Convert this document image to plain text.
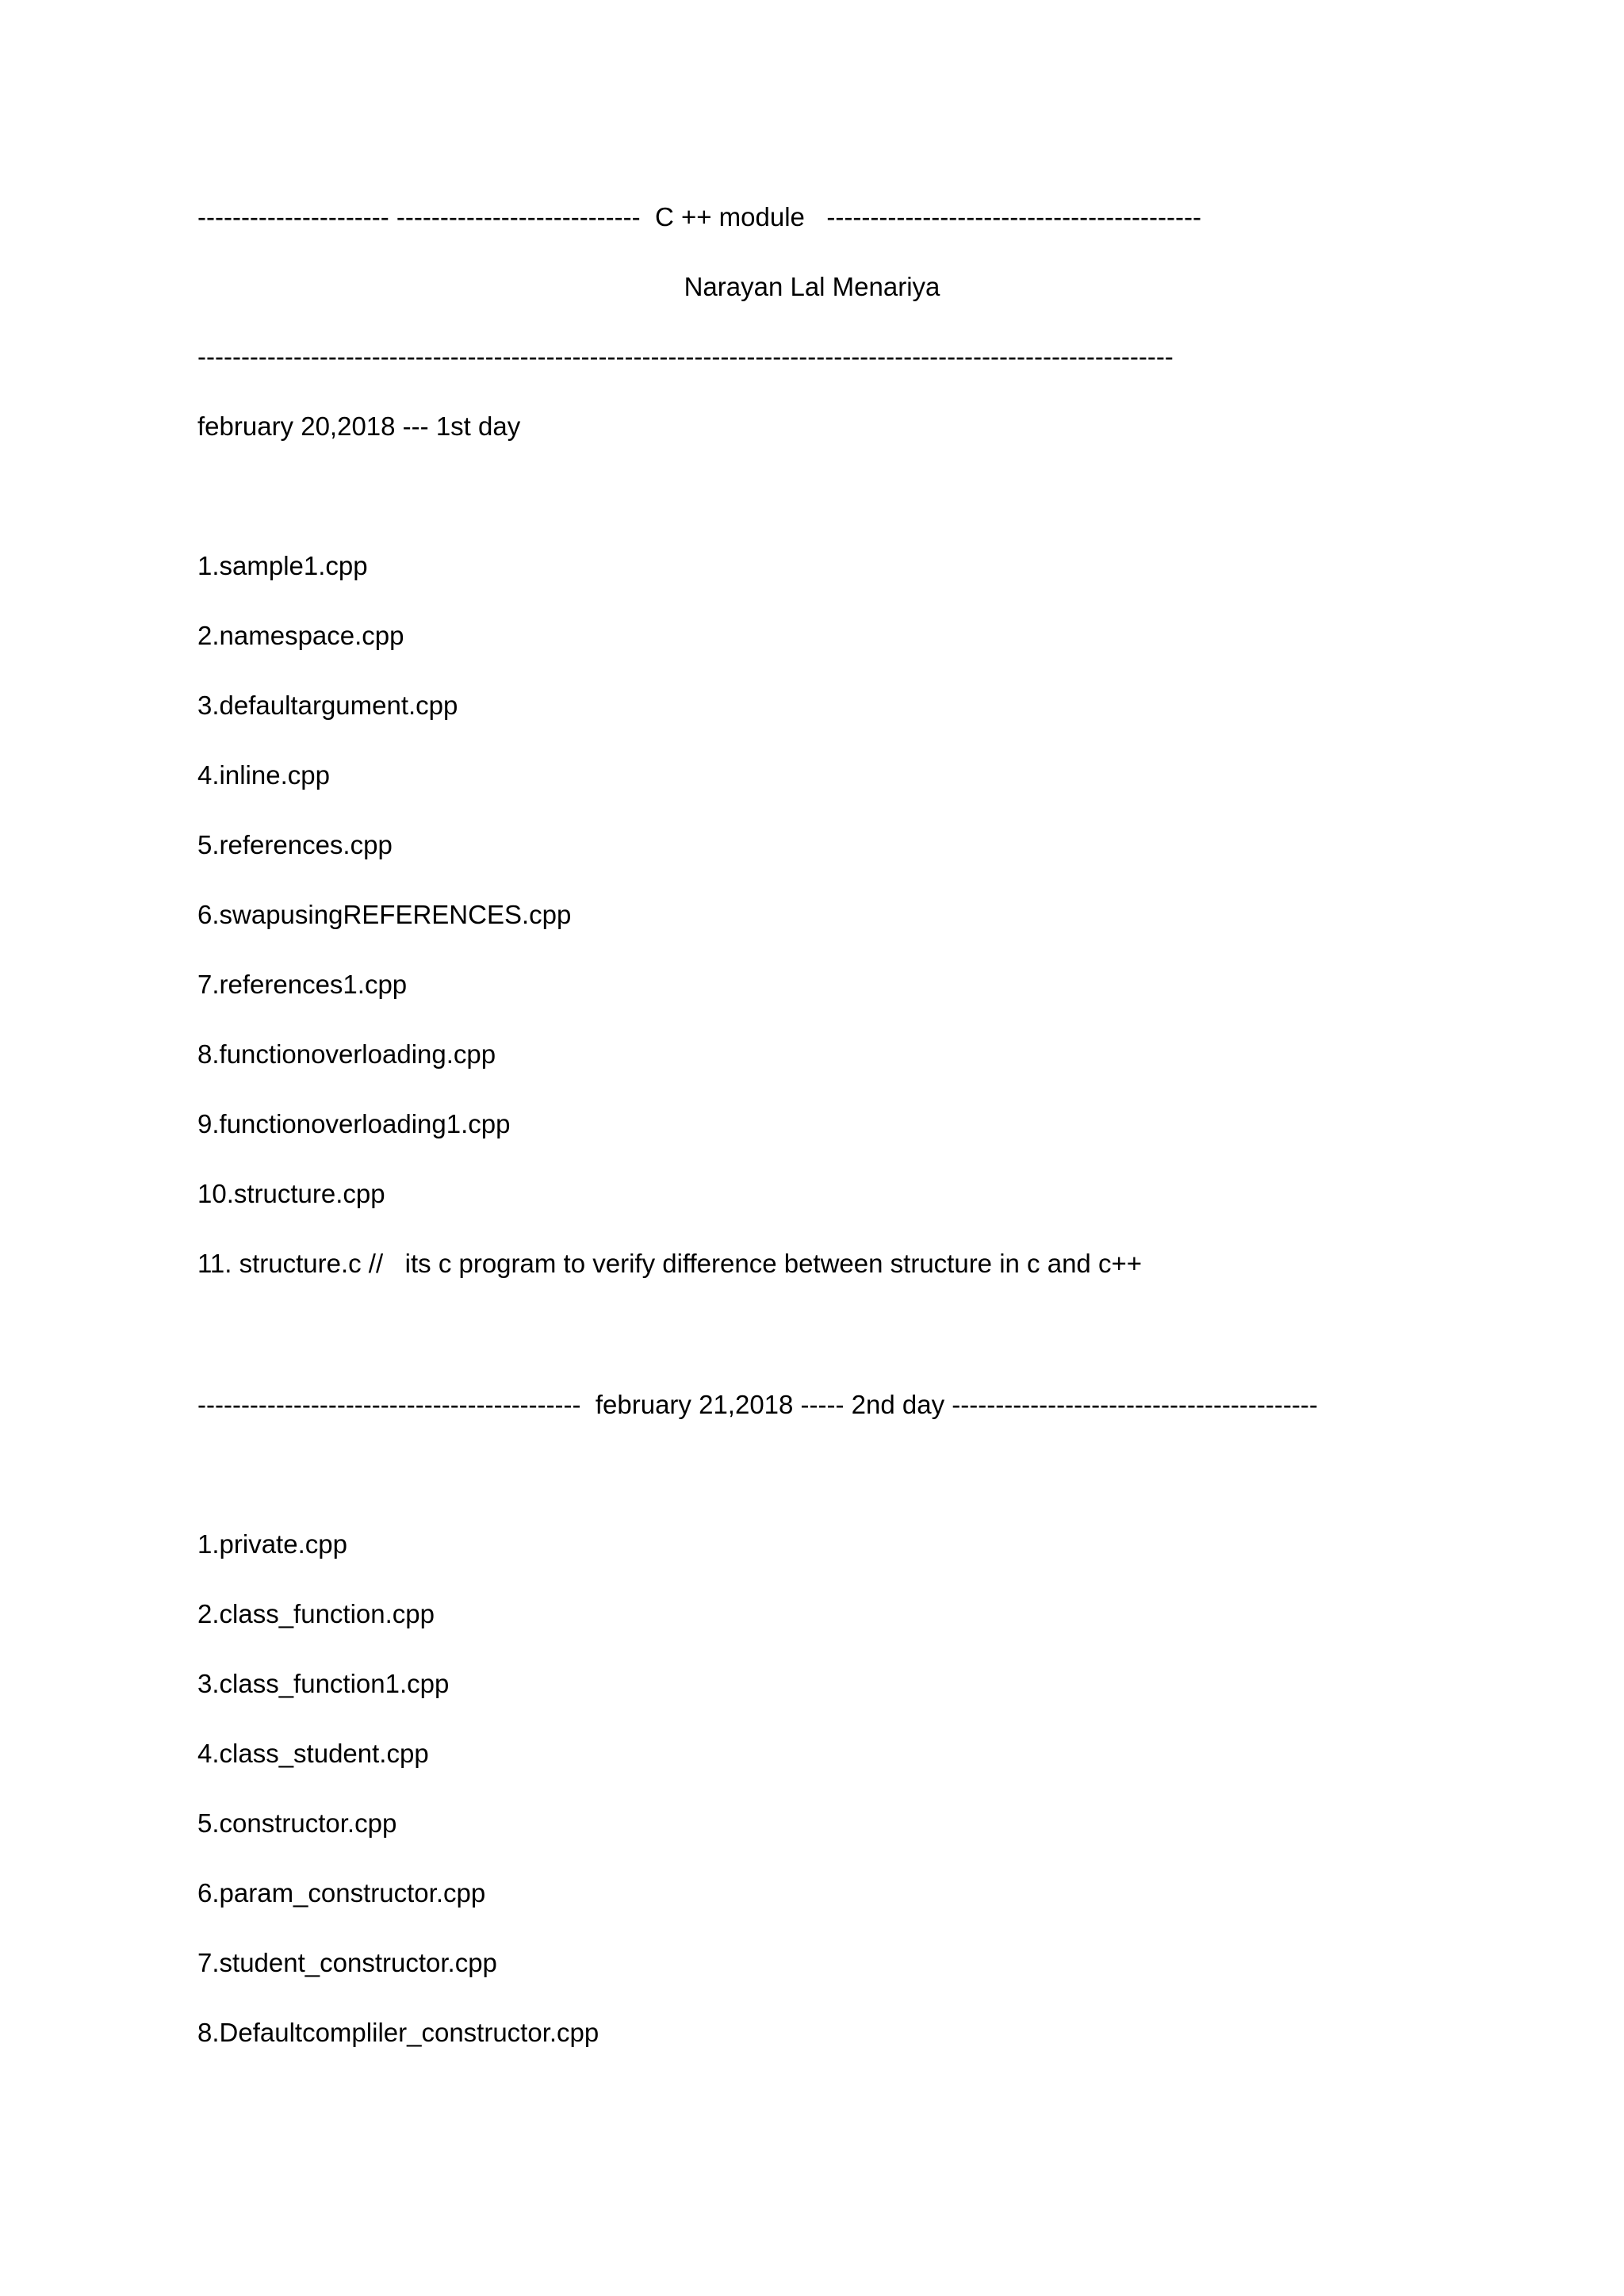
---------------------- ----------------------------  C ++ module   -------------------------------------------
Narayan Lal Menariya
----------------------------------------------------------------------------------------------------------------
february 20,2018 --- 1st day
1.sample1.cpp
2.namespace.cpp
3.defaultargument.cpp
4.inline.cpp
5.references.cpp
6.swapusingREFERENCES.cpp
7.references1.cpp
8.functionoverloading.cpp
9.functionoverloading1.cpp
10.structure.cpp
11. structure.c //   its c program to verify difference between structure in c and c++
--------------------------------------------  february 21,2018 ----- 2nd day ------------------------------------------
1.private.cpp
2.class_function.cpp
3.class_function1.cpp
4.class_student.cpp
5.constructor.cpp
6.param_constructor.cpp
7.student_constructor.cpp
8.Defaultcompliler_constructor.cpp
